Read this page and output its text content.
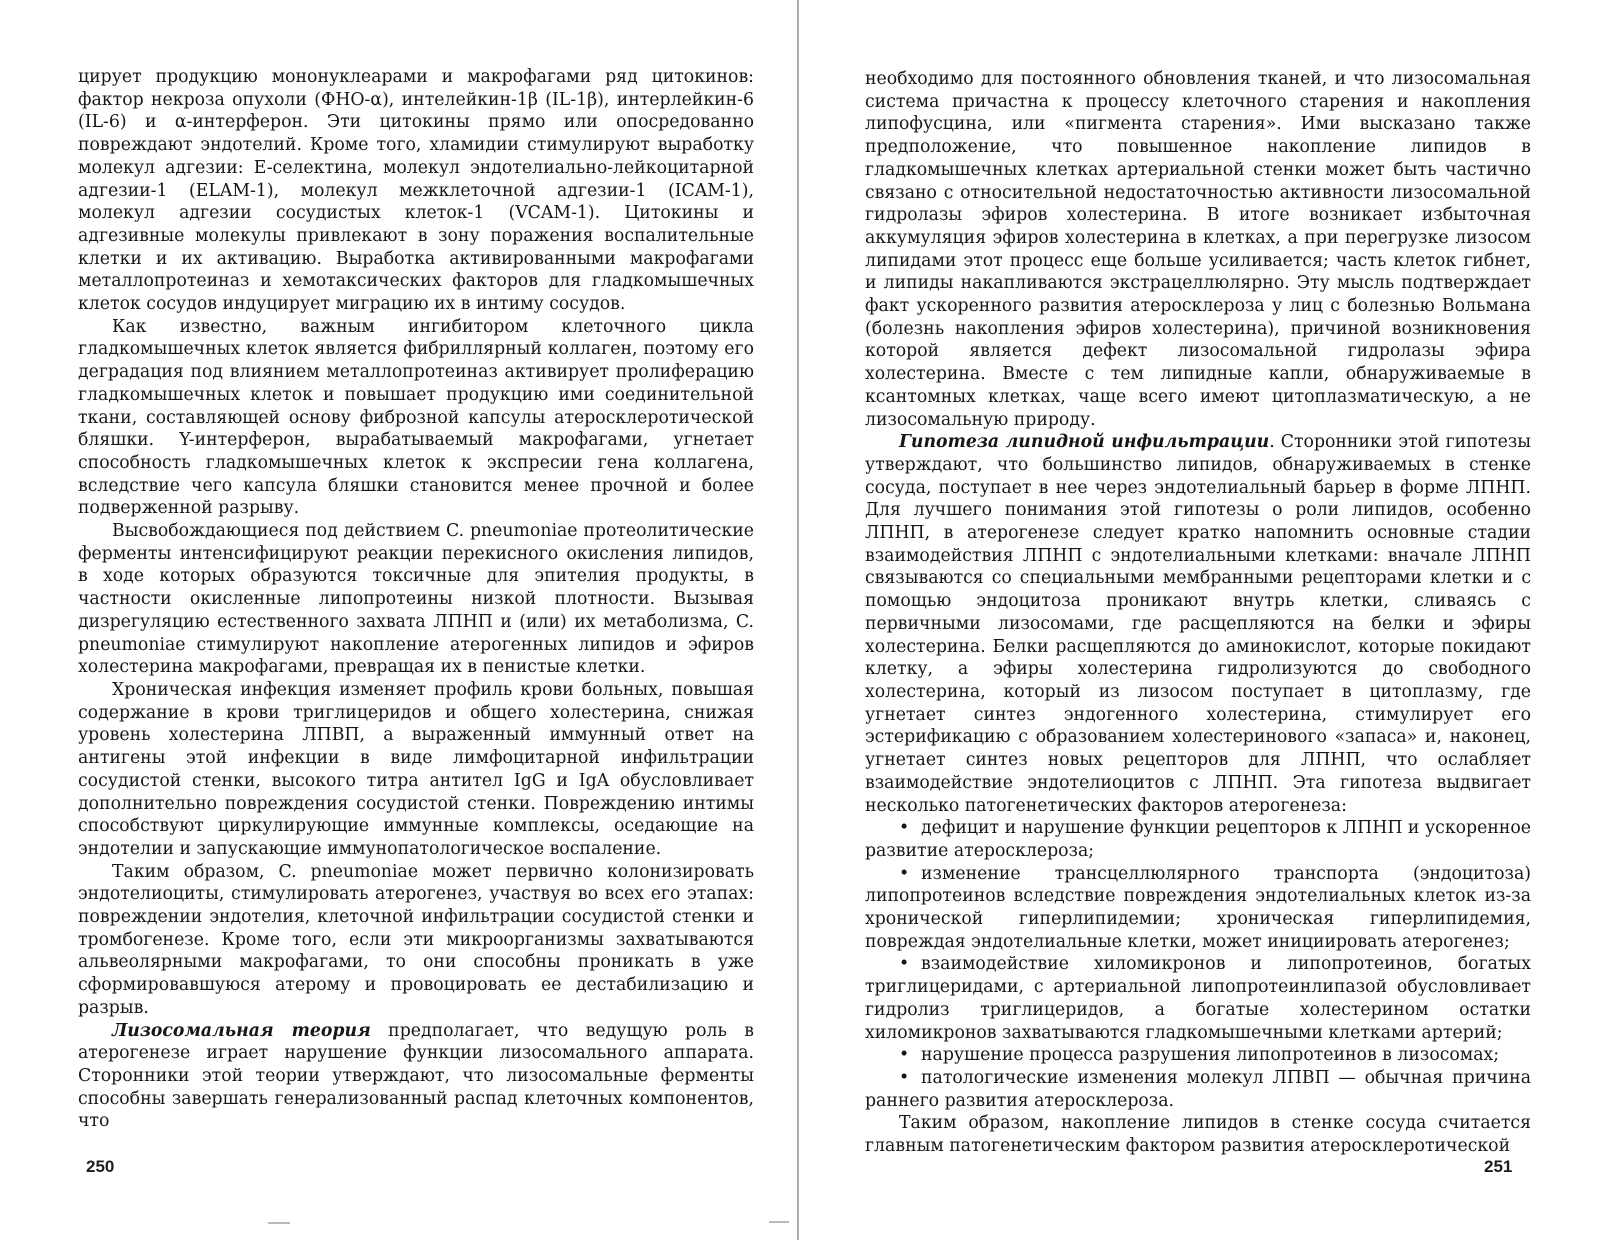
цирует продукцию мононуклеарами и макрофагами ряд цитокинов: фактор некроза опухоли (ФНО-α), интелейкин-1β (IL-1β), интерлейкин-6 (IL-6) и α-интерферон. Эти цитокины прямо или опосредованно повреждают эндотелий. Кроме того, хламидии стимулируют выработку молекул адгезии: E-селектина, молекул эндотелиально-лейкоцитарной адгезии-1 (ELAM-1), молекул межклеточной адгезии-1 (ICAM-1), молекул адгезии сосудистых клеток-1 (VCAM-1). Цитокины и адгезивные молекулы привлекают в зону поражения воспалительные клетки и их активацию. Выработка активированными макрофагами металлопротеиназ и хемотаксических факторов для гладкомышечных клеток сосудов индуцирует миграцию их в интиму сосудов.

Как известно, важным ингибитором клеточного цикла гладкомышечных клеток является фибриллярный коллаген, поэтому его деградация под влиянием металлопротеиназ активирует пролиферацию гладкомышечных клеток и повышает продукцию ими соединительной ткани, составляющей основу фиброзной капсулы атеросклеротической бляшки. Y-интерферон, вырабатываемый макрофагами, угнетает способность гладкомышечных клеток к экспресии гена коллагена, вследствие чего капсула бляшки становится менее прочной и более подверженной разрыву.

Высвобождающиеся под действием C. pneumoniae протеолитические ферменты интенсифицируют реакции перекисного окисления липидов, в ходе которых образуются токсичные для эпителия продукты, в частности окисленные липопротеины низкой плотности. Вызывая дизрегуляцию естественного захвата ЛПНП и (или) их метаболизма, C. pneumoniae стимулируют накопление атерогенных липидов и эфиров холестерина макрофагами, превращая их в пенистые клетки.

Хроническая инфекция изменяет профиль крови больных, повышая содержание в крови триглицеридов и общего холестерина, снижая уровень холестерина ЛПВП, а выраженный иммунный ответ на антигены этой инфекции в виде лимфоцитарной инфильтрации сосудистой стенки, высокого титра антител IgG и IgA обусловливает дополнительно повреждения сосудистой стенки. Повреждению интимы способствуют циркулирующие иммунные комплексы, оседающие на эндотелии и запускающие иммунопатологическое воспаление.

Таким образом, C. pneumoniae может первично колонизировать эндотелиоциты, стимулировать атерогенез, участвуя во всех его этапах: повреждении эндотелия, клеточной инфильтрации сосудистой стенки и тромбогенезе. Кроме того, если эти микроорганизмы захватываются альвеолярными макрофагами, то они способны проникать в уже сформировавшуюся атерому и провоцировать ее дестабилизацию и разрыв.

Лизосомальная теория предполагает, что ведущую роль в атерогенезе играет нарушение функции лизосомального аппарата. Сторонники этой теории утверждают, что лизосомальные ферменты способны завершать генерализованный распад клеточных компонентов, что

250

необходимо для постоянного обновления тканей, и что лизосомальная система причастна к процессу клеточного старения и накопления липофусцина, или «пигмента старения». Ими высказано также предположение, что повышенное накопление липидов в гладкомышечных клетках артериальной стенки может быть частично связано с относительной недостаточностью активности лизосомальной гидролазы эфиров холестерина. В итоге возникает избыточная аккумуляция эфиров холестерина в клетках, а при перегрузке лизосом липидами этот процесс еще больше усиливается; часть клеток гибнет, и липиды накапливаются экстрацеллюлярно. Эту мысль подтверждает факт ускоренного развития атеросклероза у лиц с болезнью Вольмана (болезнь накопления эфиров холестерина), причиной возникновения которой является дефект лизосомальной гидролазы эфира холестерина. Вместе с тем липидные капли, обнаруживаемые в ксантомных клетках, чаще всего имеют цитоплазматическую, а не лизосомальную природу.

Гипотеза липидной инфильтрации. Сторонники этой гипотезы утверждают, что большинство липидов, обнаруживаемых в стенке сосуда, поступает в нее через эндотелиальный барьер в форме ЛПНП. Для лучшего понимания этой гипотезы о роли липидов, особенно ЛПНП, в атерогенезе следует кратко напомнить основные стадии взаимодействия ЛПНП с эндотелиальными клетками: вначале ЛПНП связываются со специальными мембранными рецепторами клетки и с помощью эндоцитоза проникают внутрь клетки, сливаясь с первичными лизосомами, где расщепляются на белки и эфиры холестерина. Белки расщепляются до аминокислот, которые покидают клетку, а эфиры холестерина гидролизуются до свободного холестерина, который из лизосом поступает в цитоплазму, где угнетает синтез эндогенного холестерина, стимулирует его эстерификацию с образованием холестеринового «запаса» и, наконец, угнетает синтез новых рецепторов для ЛПНП, что ослабляет взаимодействие эндотелиоцитов с ЛПНП. Эта гипотеза выдвигает несколько патогенетических факторов атерогенеза:

• дефицит и нарушение функции рецепторов к ЛПНП и ускоренное развитие атеросклероза;
• изменение трансцеллюлярного транспорта (эндоцитоза) липопротеинов вследствие повреждения эндотелиальных клеток из-за хронической гиперлипидемии; хроническая гиперлипидемия, повреждая эндотелиальные клетки, может инициировать атерогенез;
• взаимодействие хиломикронов и липопротеинов, богатых триглицеридами, с артериальной липопротеинлипазой обусловливает гидролиз триглицеридов, а богатые холестерином остатки хиломикронов захватываются гладкомышечными клетками артерий;
• нарушение процесса разрушения липопротеинов в лизосомах;
• патологические изменения молекул ЛПВП — обычная причина раннего развития атеросклероза.

Таким образом, накопление липидов в стенке сосуда считается главным патогенетическим фактором развития атеросклеротической

251
